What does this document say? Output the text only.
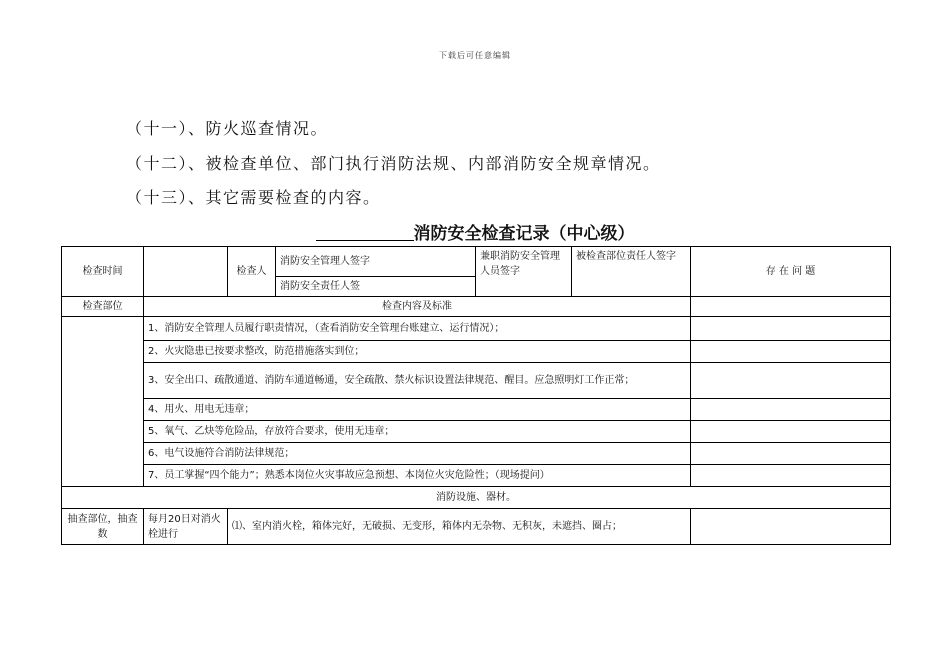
下载后可任意编辑
（十一）、防火巡查情况。
（十二）、被检查单位、部门执行消防法规、内部消防安全规章情况。
（十三）、其它需要检查的内容。
消防安全检查记录（中心级）
检查时间		检查人	消防安全管理人签字	兼职消防安全管理人员签字	被检查部位责任人签字	存 在 问 题
			消防安全责任人签			
检查部位	检查内容及标准					
	1、消防安全管理人员履行职责情况，（查看消防安全管理台账建立、运行情况）；					
	2、火灾隐患已按要求整改，防范措施落实到位；					
	3、安全出口、疏散通道、消防车通道畅通，安全疏散、禁火标识设置法律规范、醒目。应急照明灯工作正常；					
	4、用火、用电无违章；					
	5、氧气、乙炔等危险品，存放符合要求，使用无违章；					
	6、电气设施符合消防法律规范；					
	7、员工掌握“四个能力”；熟悉本岗位火灾事故应急预想、本岗位火灾危险性；（现场提问）					
消防设施、器材。						
抽查部位，抽查数	每月20日对消火栓进行	⑴、室内消火栓，箱体完好，无破损、无变形，箱体内无杂物、无积灰，未遮挡、圈占；				
